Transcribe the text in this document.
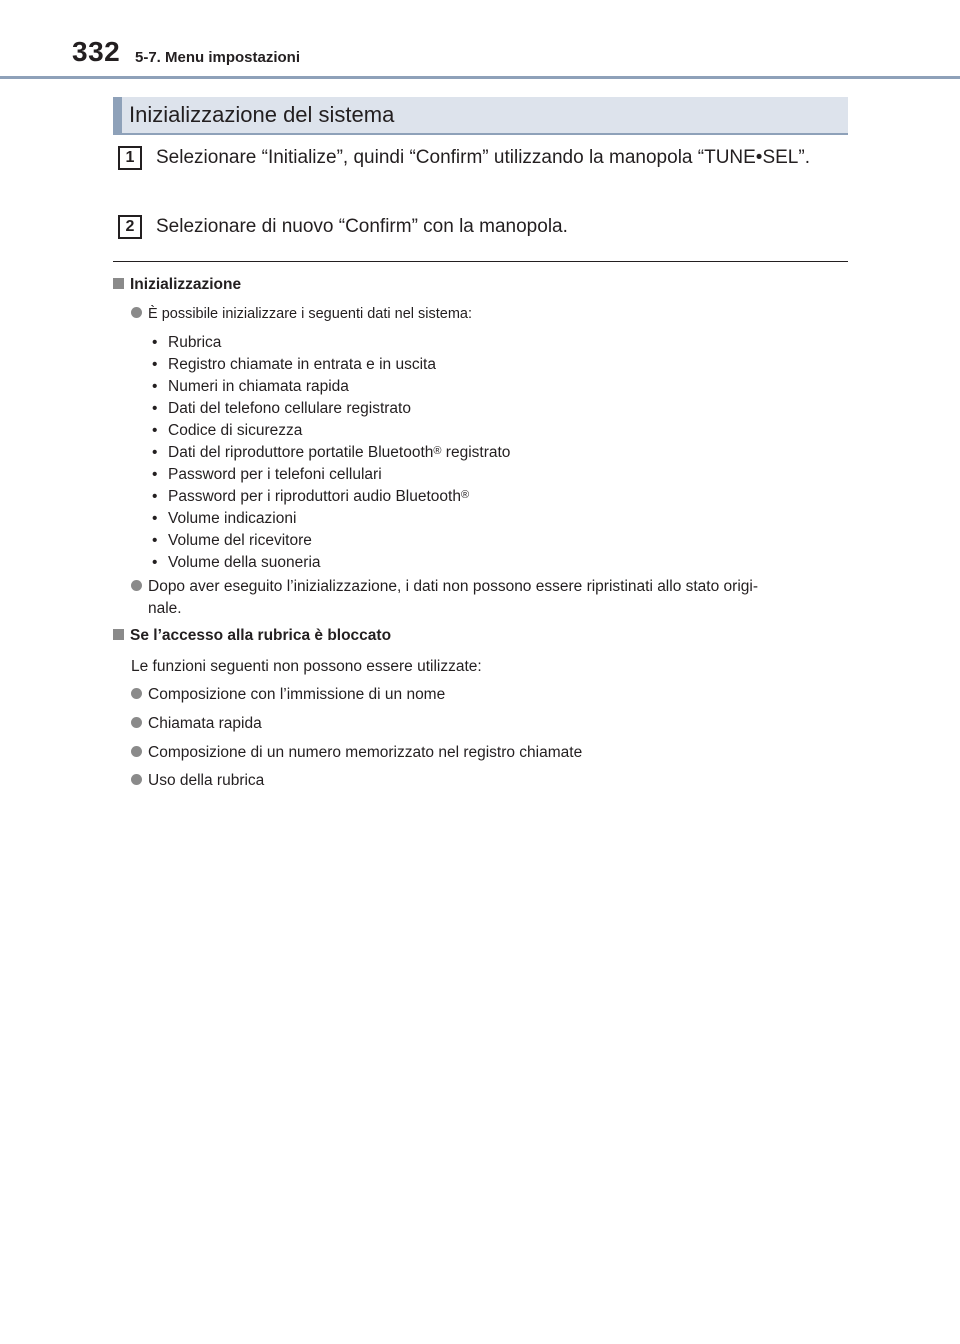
332 5-7. Menu impostazioni
Inizializzazione del sistema
1	Selezionare “Initialize”, quindi “Confirm” utilizzando la manopola “TUNE•SEL”.
2	Selezionare di nuovo “Confirm” con la manopola.
Inizializzazione
È possibile inizializzare i seguenti dati nel sistema:
• Rubrica
• Registro chiamate in entrata e in uscita
• Numeri in chiamata rapida
• Dati del telefono cellulare registrato
• Codice di sicurezza
• Dati del riproduttore portatile Bluetooth® registrato
• Password per i telefoni cellulari
• Password per i riproduttori audio Bluetooth®
• Volume indicazioni
• Volume del ricevitore
• Volume della suoneria
Dopo aver eseguito l’inizializzazione, i dati non possono essere ripristinati allo stato origi-
nale.
Se l’accesso alla rubrica è bloccato
Le funzioni seguenti non possono essere utilizzate:
Composizione con l’immissione di un nome
Chiamata rapida
Composizione di un numero memorizzato nel registro chiamate
Uso della rubrica
